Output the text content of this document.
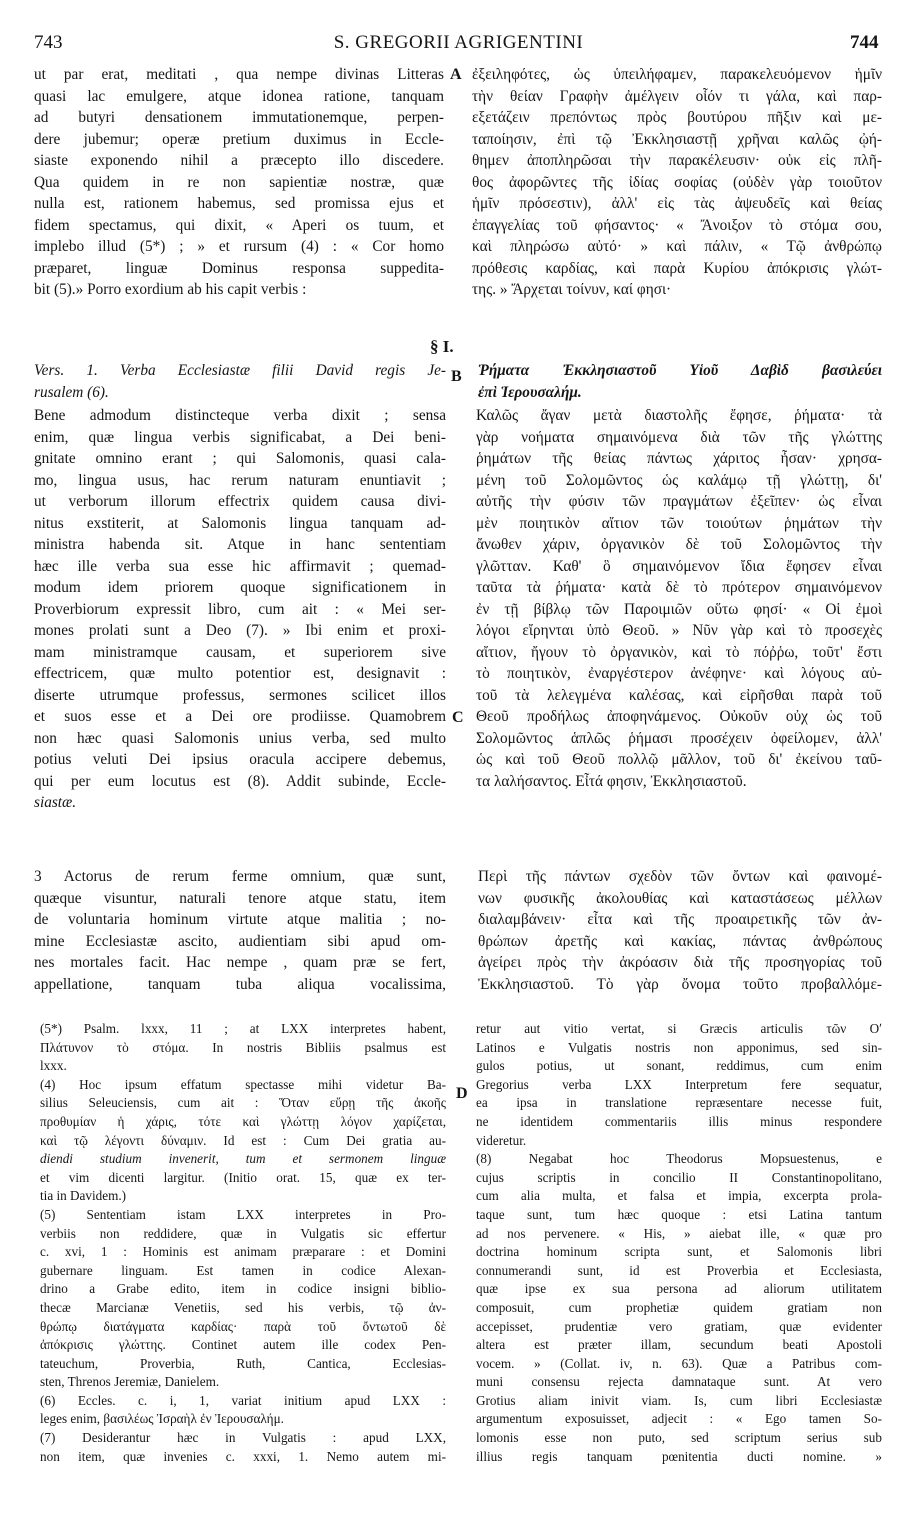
743	S. GREGORII AGRIGENTINI	744
A
B
C
D
§ I.
ut par erat, meditati , qua nempe divinas Litteras
quasi lac emulgere, atque idonea ratione, tanquam
ad butyri densationem immutationemque, perpen-
dere jubemur; operæ pretium duximus in Eccle-
siaste exponendo nihil a præcepto illo discedere.
Qua quidem in re non sapientiæ nostræ, quæ
nulla est, rationem habemus, sed promissa ejus et
fidem spectamus, qui dixit, « Aperi os tuum, et
implebo illud (5*) ; » et rursum (4) : « Cor homo
præparet, linguæ Dominus responsa suppedita-
bit (5).» Porro exordium ab his capit verbis :
ἐξειληφότες, ὡς ὑπειλήφαμεν, παρακελευόμενον ἡμῖν
τὴν θείαν Γραφὴν ἀμέλγειν οἷόν τι γάλα, καὶ παρ-
εξετάζειν πρεπόντως πρὸς βουτύρου πῆξιν καὶ με-
ταποίησιν, ἐπὶ τῷ Ἐκκλησιαστῇ χρῆναι καλῶς ᾠή-
θημεν ἀποπληρῶσαι τὴν παρακέλευσιν· οὐκ εἰς πλῆ-
θος ἀφορῶντες τῆς ἰδίας σοφίας (οὐδὲν γὰρ τοιοῦτον
ἡμῖν πρόσεστιν), ἀλλ' εἰς τὰς ἀψευδεῖς καὶ θείας
ἐπαγγελίας τοῦ φήσαντος· « Ἄνοιξον τὸ στόμα σου,
καὶ πληρώσω αὐτό· » καὶ πάλιν, « Τῷ ἀνθρώπῳ
πρόθεσις καρδίας, καὶ παρὰ Κυρίου ἀπόκρισις γλώτ-
της. » Ἄρχεται τοίνυν, καί φησι·
Vers. 1. Verba Ecclesiastæ filii David regis Je-
rusalem (6).
Ῥήματα Ἐκκλησιαστοῦ Υἱοῦ Δαβὶδ βασιλεύει
ἐπὶ Ἱερουσαλήμ.
Bene admodum distincteque verba dixit ; sensa
enim, quæ lingua verbis significabat, a Dei beni-
gnitate omnino erant ; qui Salomonis, quasi cala-
mo, lingua usus, hac rerum naturam enuntiavit ;
ut verborum illorum effectrix quidem causa divi-
nitus exstiterit, at Salomonis lingua tanquam ad-
ministra habenda sit. Atque in hanc sententiam
hæc ille verba sua esse hic affirmavit ; quemad-
modum idem priorem quoque significationem in
Proverbiorum expressit libro, cum ait : « Mei ser-
mones prolati sunt a Deo (7). » Ibi enim et proxi-
mam ministramque causam, et superiorem sive
effectricem, quæ multo potentior est, designavit :
diserte utrumque professus, sermones scilicet illos
et suos esse et a Dei ore prodiisse. Quamobrem
non hæc quasi Salomonis unius verba, sed multo
potius veluti Dei ipsius oracula accipere debemus,
qui per eum locutus est (8). Addit subinde, Eccle-
siastæ.
Καλῶς ἄγαν μετὰ διαστολῆς ἔφησε, ῥήματα· τὰ
γὰρ νοήματα σημαινόμενα διὰ τῶν τῆς γλώττης
ῥημάτων τῆς θείας πάντως χάριτος ἦσαν· χρησα-
μένη τοῦ Σολομῶντος ὡς καλάμῳ τῇ γλώττῃ, δι'
αὐτῆς τὴν φύσιν τῶν πραγμάτων ἐξεῖπεν· ὡς εἶναι
μὲν ποιητικὸν αἴτιον τῶν τοιούτων ῥημάτων τὴν
ἄνωθεν χάριν, ὀργανικὸν δὲ τοῦ Σολομῶντος τὴν
γλῶτταν. Καθ' ὃ σημαινόμενον ἴδια ἔφησεν εἶναι
ταῦτα τὰ ῥήματα· κατὰ δὲ τὸ πρότερον σημαινόμενον
ἐν τῇ βίβλῳ τῶν Παροιμιῶν οὕτω φησί· « Οἱ ἐμοὶ
λόγοι εἴρηνται ὑπὸ Θεοῦ. » Νῦν γὰρ καὶ τὸ προσεχὲς
αἴτιον, ἤγουν τὸ ὀργανικὸν, καὶ τὸ πόῤῥω, τοῦτ' ἔστι
τὸ ποιητικὸν, ἐναργέστερον ἀνέφηνε· καὶ λόγους αὐ-
τοῦ τὰ λελεγμένα καλέσας, καὶ εἰρῆσθαι παρὰ τοῦ
Θεοῦ προδήλως ἀποφηνάμενος. Οὐκοῦν οὐχ ὡς τοῦ
Σολομῶντος ἁπλῶς ῥήμασι προσέχειν ὀφείλομεν, ἀλλ'
ὡς καὶ τοῦ Θεοῦ πολλῷ μᾶλλον, τοῦ δι' ἐκείνου ταῦ-
τα λαλήσαντος. Εἶτά φησιν, Ἐκκλησιαστοῦ.
3 Actorus de rerum ferme omnium, quæ sunt,
quæque visuntur, naturali tenore atque statu, item
de voluntaria hominum virtute atque malitia ; no-
mine Ecclesiastæ ascito, audientiam sibi apud om-
nes mortales facit. Hac nempe , quam præ se fert,
appellatione, tanquam tuba aliqua vocalissima,
Περὶ τῆς πάντων σχεδὸν τῶν ὄντων καὶ φαινομέ-
νων φυσικῆς ἀκολουθίας καὶ καταστάσεως μέλλων
διαλαμβάνειν· εἶτα καὶ τῆς προαιρετικῆς τῶν ἀν-
θρώπων ἀρετῆς καὶ κακίας, πάντας ἀνθρώπους
ἀγείρει πρὸς τὴν ἀκρόασιν διὰ τῆς προσηγορίας τοῦ
Ἐκκλησιαστοῦ. Τὸ γὰρ ὄνομα τοῦτο προβαλλόμε-
(5*) Psalm. lxxx, 11 ; at LXX interpretes habent,
Πλάτυνον τὸ στόμα. In nostris Bibliis psalmus est
lxxx.
(4) Hoc ipsum effatum spectasse mihi videtur Ba-
silius Seleuciensis, cum ait : Ὅταν εὕρῃ τῆς ἀκοῆς
προθυμίαν ἡ χάρις, τότε καὶ γλώττῃ λόγον χαρίζεται,
καὶ τῷ λέγοντι δύναμιν. Id est : Cum Dei gratia au-
diendi studium invenerit, tum et sermonem linguæ
et vim dicenti largitur. (Initio orat. 15, quæ ex ter-
tia in Davidem.)
(5) Sententiam istam LXX interpretes in Pro-
verbiis non reddidere, quæ in Vulgatis sic effertur
c. xvi, 1 : Hominis est animam præparare : et Domini
gubernare linguam. Est tamen in codice Alexan-
drino a Grabe edito, item in codice insigni biblio-
thecæ Marcianæ Venetiis, sed his verbis, τῷ ἀν-
θρώπῳ διατάγματα καρδίας· παρὰ τοῦ ὄντωτοῦ δὲ
ἀπόκρισις γλώττης. Continet autem ille codex Pen-
tateuchum, Proverbia, Ruth, Cantica, Ecclesias-
sten, Threnos Jeremiæ, Danielem.
(6) Eccles. c. i, 1, variat initium apud LXX :
leges enim, βασιλέως Ἰσραὴλ ἐν Ἰερουσαλήμ.
(7) Desiderantur hæc in Vulgatis : apud LXX,
non item, quæ invenies c. xxxi, 1. Nemo autem mi-
retur aut vitio vertat, si Græcis articulis τῶν Οʹ
Latinos e Vulgatis nostris non apponimus, sed sin-
gulos potius, ut sonant, reddimus, cum enim
Gregorius verba LXX Interpretum fere sequatur,
ea ipsa in translatione repræsentare necesse fuit,
ne identidem commentariis illis minus respondere
videretur.
(8) Negabat hoc Theodorus Mopsuestenus, e
cujus scriptis in concilio II Constantinopolitano,
cum alia multa, et falsa et impia, excerpta prola-
taque sunt, tum hæc quoque : etsi Latina tantum
ad nos pervenere. « His, » aiebat ille, « quæ pro
doctrina hominum scripta sunt, et Salomonis libri
connumerandi sunt, id est Proverbia et Ecclesiasta,
quæ ipse ex sua persona ad aliorum utilitatem
composuit, cum prophetiæ quidem gratiam non
accepisset, prudentiæ vero gratiam, quæ evidenter
altera est præter illam, secundum beati Apostoli
vocem. » (Collat. iv, n. 63). Quæ a Patribus com-
muni consensu rejecta damnataque sunt. At vero
Grotius aliam inivit viam. Is, cum libri Ecclesiastæ
argumentum exposuisset, adjecit : « Ego tamen So-
lomonis esse non puto, sed scriptum serius sub
illius regis tanquam pœnitentia ducti nomine. »
